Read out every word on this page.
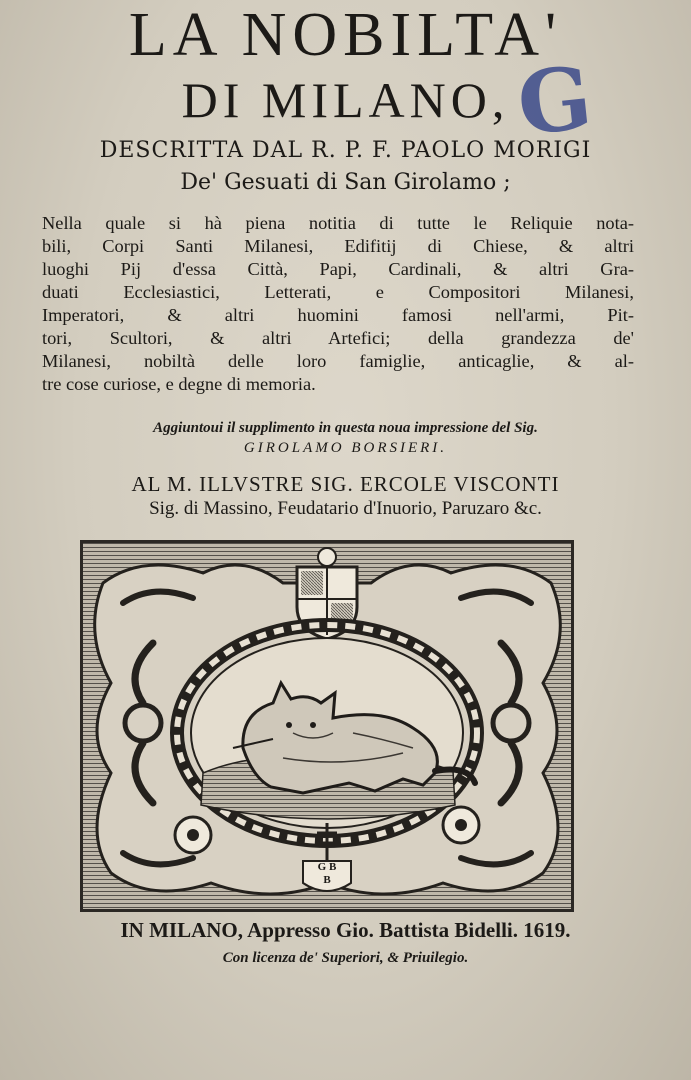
LA NOBILTA'
DI MILANO, G
DESCRITTA DAL R. P. F. PAOLO MORIGI
De' Gesuati di San Girolamo ;
Nella quale si hà piena notitia di tutte le Reliquie nota-
bili, Corpi Santi Milanesi, Edifitij di Chiese, & altri
luoghi Pij d'essa Città, Papi, Cardinali, & altri Gra-
duati Ecclesiastici, Letterati, e Compositori Milanesi,
Imperatori, & altri huomini famosi nell'armi, Pit-
tori, Scultori, & altri Artefici; della grandezza de'
Milanesi, nobiltà delle loro famiglie, anticaglie, & al-
tre cose curiose, e degne di memoria.
Aggiuntoui il supplimento in questa noua impressione del Sig.
GIROLAMO BORSIERI.
AL M. ILLVSTRE SIG. ERCOLE VISCONTI
Sig. di Massino, Feudatario d'Inuorio, Paruzaro &c.
G B
B
IN MILANO, Appresso Gio. Battista Bidelli. 1619.
Con licenza de' Superiori, & Priuilegio.
